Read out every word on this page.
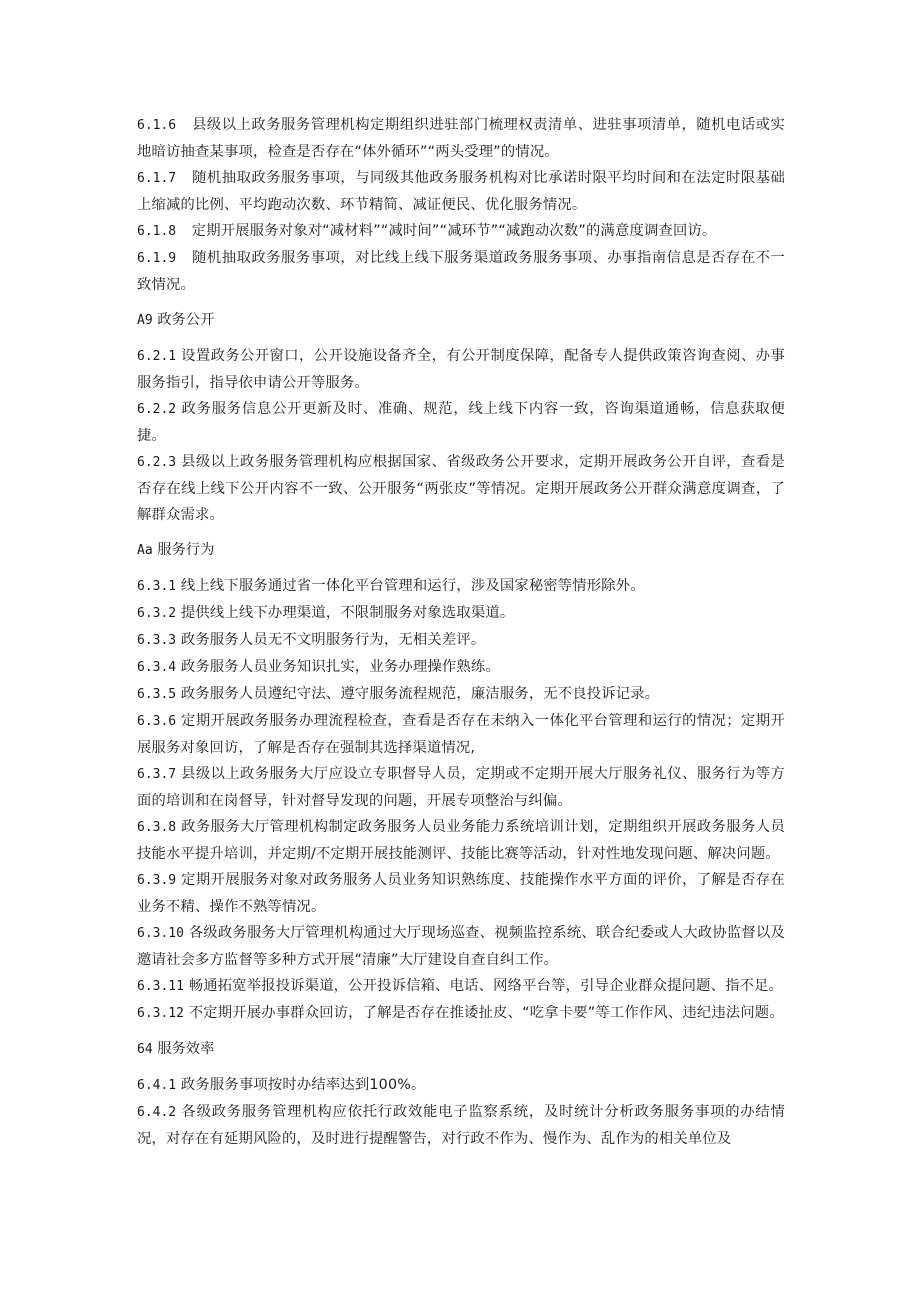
6.1.6 县级以上政务服务管理机构定期组织进驻部门梳理权责清单、进驻事项清单，随机电话或实地暗访抽查某事项，检查是否存在“体外循环”“两头受理”的情况。

6.1.7 随机抽取政务服务事项，与同级其他政务服务机构对比承诺时限平均时间和在法定时限基础上缩减的比例、平均跑动次数、环节精简、减证便民、优化服务情况。

6.1.8 定期开展服务对象对“减材料”“减时间”“减环节”“减跑动次数”的满意度调查回访。

6.1.9 随机抽取政务服务事项，对比线上线下服务渠道政务服务事项、办事指南信息是否存在不一致情况。

A9 政务公开

6.2.1 设置政务公开窗口，公开设施设备齐全，有公开制度保障，配备专人提供政策咨询查阅、办事服务指引，指导依申请公开等服务。

6.2.2 政务服务信息公开更新及时、准确、规范，线上线下内容一致，咨询渠道通畅，信息获取便捷。

6.2.3 县级以上政务服务管理机构应根据国家、省级政务公开要求，定期开展政务公开自评，查看是否存在线上线下公开内容不一致、公开服务“两张皮”等情况。定期开展政务公开群众满意度调查，了解群众需求。

Aa 服务行为

6.3.1 线上线下服务通过省一体化平台管理和运行，涉及国家秘密等情形除外。

6.3.2 提供线上线下办理渠道，不限制服务对象选取渠道。

6.3.3 政务服务人员无不文明服务行为，无相关差评。

6.3.4 政务服务人员业务知识扎实，业务办理操作熟练。

6.3.5 政务服务人员遵纪守法、遵守服务流程规范，廉洁服务，无不良投诉记录。

6.3.6 定期开展政务服务办理流程检查，查看是否存在未纳入一体化平台管理和运行的情况；定期开展服务对象回访，了解是否存在强制其选择渠道情况,

6.3.7 县级以上政务服务大厅应设立专职督导人员，定期或不定期开展大厅服务礼仪、服务行为等方面的培训和在岗督导，针对督导发现的问题，开展专项整治与纠偏。

6.3.8 政务服务大厅管理机构制定政务服务人员业务能力系统培训计划，定期组织开展政务服务人员技能水平提升培训，并定期/不定期开展技能测评、技能比赛等活动，针对性地发现问题、解决问题。

6.3.9 定期开展服务对象对政务服务人员业务知识熟练度、技能操作水平方面的评价，了解是否存在业务不精、操作不熟等情况。

6.3.10 各级政务服务大厅管理机构通过大厅现场巡查、视频监控系统、联合纪委或人大政协监督以及邀请社会多方监督等多种方式开展“清廉”大厅建设自查自纠工作。

6.3.11 畅通拓宽举报投诉渠道，公开投诉信箱、电话、网络平台等，引导企业群众提问题、指不足。

6.3.12 不定期开展办事群众回访，了解是否存在推诿扯皮、“吃拿卡要”等工作作风、违纪违法问题。

64 服务效率

6.4.1 政务服务事项按时办结率达到100%。

6.4.2 各级政务服务管理机构应依托行政效能电子监察系统，及时统计分析政务服务事项的办结情况，对存在有延期风险的，及时进行提醒警告，对行政不作为、慢作为、乱作为的相关单位及
